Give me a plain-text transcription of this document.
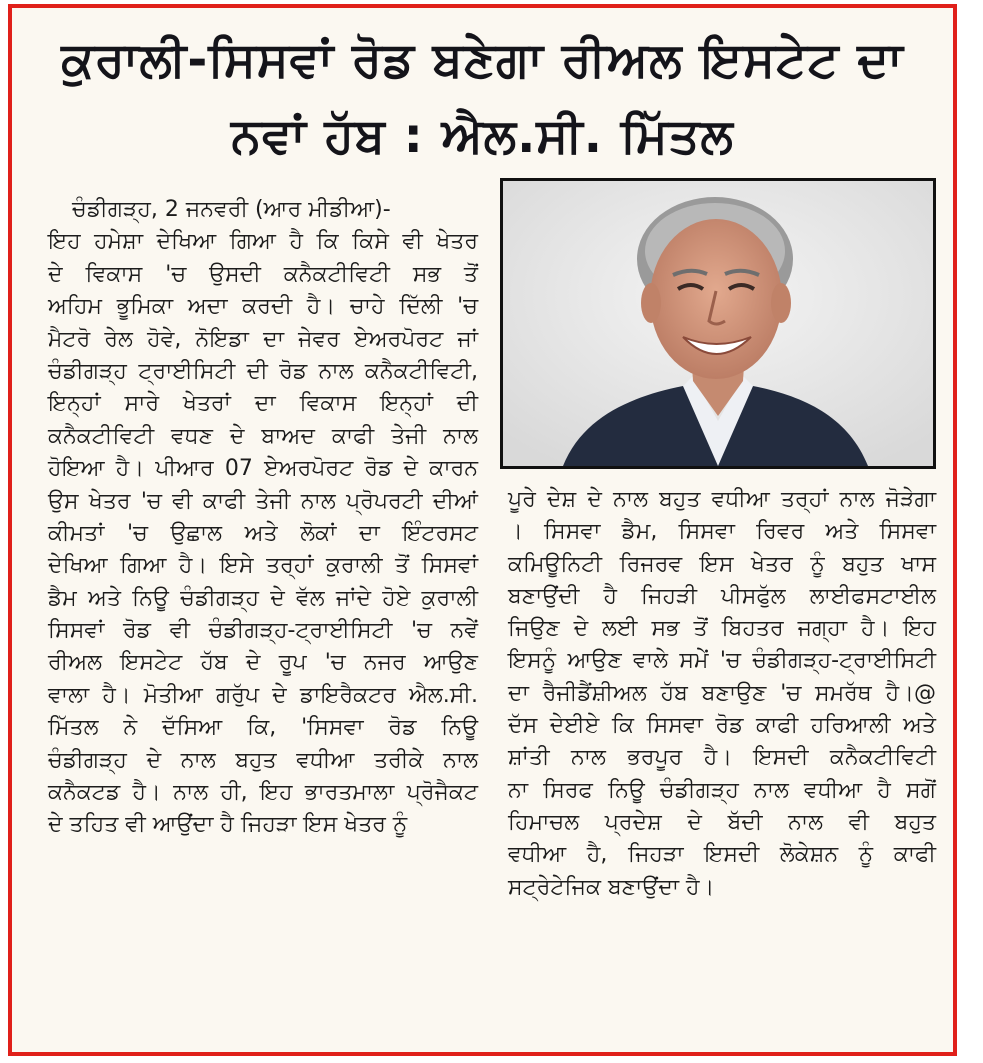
ਕੁਰਾਲੀ-ਸਿਸਵਾਂ ਰੋਡ ਬਣੇਗਾ ਰੀਅਲ ਇਸਟੇਟ ਦਾ
ਨਵਾਂ ਹੱਬ : ਐਲ.ਸੀ. ਮਿੱਤਲ
ਚੰਡੀਗੜ੍ਹ, 2 ਜਨਵਰੀ (ਆਰ ਮੀਡੀਆ)-
ਇਹ ਹਮੇਸ਼ਾ ਦੇਖਿਆ ਗਿਆ ਹੈ ਕਿ ਕਿਸੇ ਵੀ ਖੇਤਰ
ਦੇ ਵਿਕਾਸ 'ਚ ਉਸਦੀ ਕਨੈਕਟੀਵਿਟੀ ਸਭ ਤੋਂ
ਅਹਿਮ ਭੂਮਿਕਾ ਅਦਾ ਕਰਦੀ ਹੈ। ਚਾਹੇ ਦਿੱਲੀ 'ਚ
ਮੈਟਰੋ ਰੇਲ ਹੋਵੇ, ਨੋਇਡਾ ਦਾ ਜੇਵਰ ਏਅਰਪੋਰਟ ਜਾਂ
ਚੰਡੀਗੜ੍ਹ ਟ੍ਰਾਈਸਿਟੀ ਦੀ ਰੋਡ ਨਾਲ ਕਨੈਕਟੀਵਿਟੀ,
ਇਨ੍ਹਾਂ ਸਾਰੇ ਖੇਤਰਾਂ ਦਾ ਵਿਕਾਸ ਇਨ੍ਹਾਂ ਦੀ
ਕਨੈਕਟੀਵਿਟੀ ਵਧਣ ਦੇ ਬਾਅਦ ਕਾਫੀ ਤੇਜੀ ਨਾਲ
ਹੋਇਆ ਹੈ। ਪੀਆਰ 07 ਏਅਰਪੋਰਟ ਰੋਡ ਦੇ ਕਾਰਨ
ਉਸ ਖੇਤਰ 'ਚ ਵੀ ਕਾਫੀ ਤੇਜੀ ਨਾਲ ਪ੍ਰੋਪਰਟੀ ਦੀਆਂ
ਕੀਮਤਾਂ 'ਚ ਉਛਾਲ ਅਤੇ ਲੋਕਾਂ ਦਾ ਇੰਟਰਸਟ
ਦੇਖਿਆ ਗਿਆ ਹੈ। ਇਸੇ ਤਰ੍ਹਾਂ ਕੁਰਾਲੀ ਤੋਂ ਸਿਸਵਾਂ
ਡੈਮ ਅਤੇ ਨਿਊ ਚੰਡੀਗੜ੍ਹ ਦੇ ਵੱਲ ਜਾਂਦੇ ਹੋਏ ਕੁਰਾਲੀ
ਸਿਸਵਾਂ ਰੋਡ ਵੀ ਚੰਡੀਗੜ੍ਹ-ਟ੍ਰਾਈਸਿਟੀ 'ਚ ਨਵੇਂ
ਰੀਅਲ ਇਸਟੇਟ ਹੱਬ ਦੇ ਰੂਪ 'ਚ ਨਜਰ ਆਉਣ
ਵਾਲਾ ਹੈ। ਮੋਤੀਆ ਗਰੁੱਪ ਦੇ ਡਾਇਰੈਕਟਰ ਐਲ.ਸੀ.
ਮਿੱਤਲ ਨੇ ਦੱਸਿਆ ਕਿ, 'ਸਿਸਵਾ ਰੋਡ ਨਿਊ
ਚੰਡੀਗੜ੍ਹ ਦੇ ਨਾਲ ਬਹੁਤ ਵਧੀਆ ਤਰੀਕੇ ਨਾਲ
ਕਨੈਕਟਡ ਹੈ। ਨਾਲ ਹੀ, ਇਹ ਭਾਰਤਮਾਲਾ ਪ੍ਰੋਜੈਕਟ
ਦੇ ਤਹਿਤ ਵੀ ਆਉਂਦਾ ਹੈ ਜਿਹੜਾ ਇਸ ਖੇਤਰ ਨੂੰ
ਪੂਰੇ ਦੇਸ਼ ਦੇ ਨਾਲ ਬਹੁਤ ਵਧੀਆ ਤਰ੍ਹਾਂ ਨਾਲ ਜੋੜੇਗਾ
। ਸਿਸਵਾ ਡੈਮ, ਸਿਸਵਾ ਰਿਵਰ ਅਤੇ ਸਿਸਵਾ
ਕਮਿਊਨਿਟੀ ਰਿਜਰਵ ਇਸ ਖੇਤਰ ਨੂੰ ਬਹੁਤ ਖਾਸ
ਬਣਾਉਂਦੀ ਹੈ ਜਿਹੜੀ ਪੀਸਫੁੱਲ ਲਾਈਫਸਟਾਈਲ
ਜਿਉਣ ਦੇ ਲਈ ਸਭ ਤੋਂ ਬਿਹਤਰ ਜਗ੍ਹਾ ਹੈ। ਇਹ
ਇਸਨੂੰ ਆਉਣ ਵਾਲੇ ਸਮੇਂ 'ਚ ਚੰਡੀਗੜ੍ਹ-ਟ੍ਰਾਈਸਿਟੀ
ਦਾ ਰੈਜੀਡੈਂਸ਼ੀਅਲ ਹੱਬ ਬਣਾਉਣ 'ਚ ਸਮਰੱਥ ਹੈ।@
ਦੱਸ ਦੇਈਏ ਕਿ ਸਿਸਵਾ ਰੋਡ ਕਾਫੀ ਹਰਿਆਲੀ ਅਤੇ
ਸ਼ਾਂਤੀ ਨਾਲ ਭਰਪੂਰ ਹੈ। ਇਸਦੀ ਕਨੈਕਟੀਵਿਟੀ
ਨਾ ਸਿਰਫ ਨਿਊ ਚੰਡੀਗੜ੍ਹ ਨਾਲ ਵਧੀਆ ਹੈ ਸਗੋਂ
ਹਿਮਾਚਲ ਪ੍ਰਦੇਸ਼ ਦੇ ਬੱਦੀ ਨਾਲ ਵੀ ਬਹੁਤ
ਵਧੀਆ ਹੈ, ਜਿਹੜਾ ਇਸਦੀ ਲੋਕੇਸ਼ਨ ਨੂੰ ਕਾਫੀ
ਸਟ੍ਰੇਟੇਜਿਕ ਬਣਾਉਂਦਾ ਹੈ।
